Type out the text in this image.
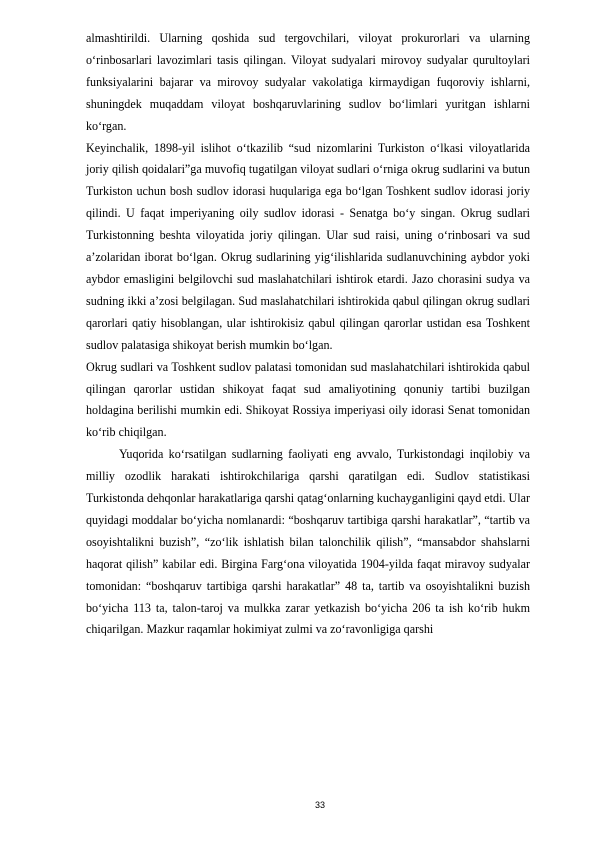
almashtirildi. Ularning qoshida sud tergovchilari, viloyat prokurorlari va ularning o‘rinbosarlari lavozimlari tasis qilingan. Viloyat sudyalari mirovoy sudyalar qurultoylari funksiyalarini bajarar va mirovoy sudyalar vakolatiga kirmaydigan fuqoroviy ishlarni, shuningdek muqaddam viloyat boshqaruvlarining sudlov bo‘limlari yuritgan ishlarni ko‘rgan.
Keyinchalik, 1898-yil islihot o‘tkazilib “sud nizomlarini Turkiston o‘lkasi viloyatlarida joriy qilish qoidalari”ga muvofiq tugatilgan viloyat sudlari o‘rniga okrug sudlarini va butun Turkiston uchun bosh sudlov idorasi huqulariga ega bo‘lgan Toshkent sudlov idorasi joriy qilindi. U faqat imperiyaning oily sudlov idorasi - Senatga bo‘y singan. Okrug sudlari Turkistonning beshta viloyatida joriy qilingan. Ular sud raisi, uning o‘rinbosari va sud a’zolaridan iborat bo‘lgan. Okrug sudlarining yig‘ilishlarida sudlanuvchining aybdor yoki aybdor emasligini belgilovchi sud maslahatchilari ishtirok etardi. Jazo chorasini sudya va sudning ikki a’zosi belgilagan. Sud maslahatchilari ishtirokida qabul qilingan okrug sudlari qarorlari qatiy hisoblangan, ular ishtirokisiz qabul qilingan qarorlar ustidan esa Toshkent sudlov palatasiga shikoyat berish mumkin bo‘lgan.
Okrug sudlari va Toshkent sudlov palatasi tomonidan sud maslahatchilari ishtirokida qabul qilingan qarorlar ustidan shikoyat faqat sud amaliyotining qonuniy tartibi buzilgan holdagina berilishi mumkin edi. Shikoyat Rossiya imperiyasi oily idorasi Senat tomonidan ko‘rib chiqilgan.

Yuqorida ko‘rsatilgan sudlarning faoliyati eng avvalo, Turkistondagi inqilobiy va milliy ozodlik harakati ishtirokchilariga qarshi qaratilgan edi. Sudlov statistikasi Turkistonda dehqonlar harakatlariga qarshi qatag‘onlarning kuchayganligini qayd etdi. Ular quyidagi moddalar bo‘yicha nomlanardi: “boshqaruv tartibiga qarshi harakatlar”, “tartib va osoyishtalikni buzish”, “zo‘lik ishlatish bilan talonchilik qilish”, “mansabdor shahslarni haqorat qilish” kabilar edi. Birgina Farg‘ona viloyatida 1904-yilda faqat miravoy sudyalar tomonidan: “boshqaruv tartibiga qarshi harakatlar” 48 ta, tartib va osoyishtalikni buzish bo‘yicha 113 ta, talon-taroj va mulkka zarar yetkazish bo‘yicha 206 ta ish ko‘rib hukm chiqarilgan. Mazkur raqamlar hokimiyat zulmi va zo‘ravonligiga qarshi

33
